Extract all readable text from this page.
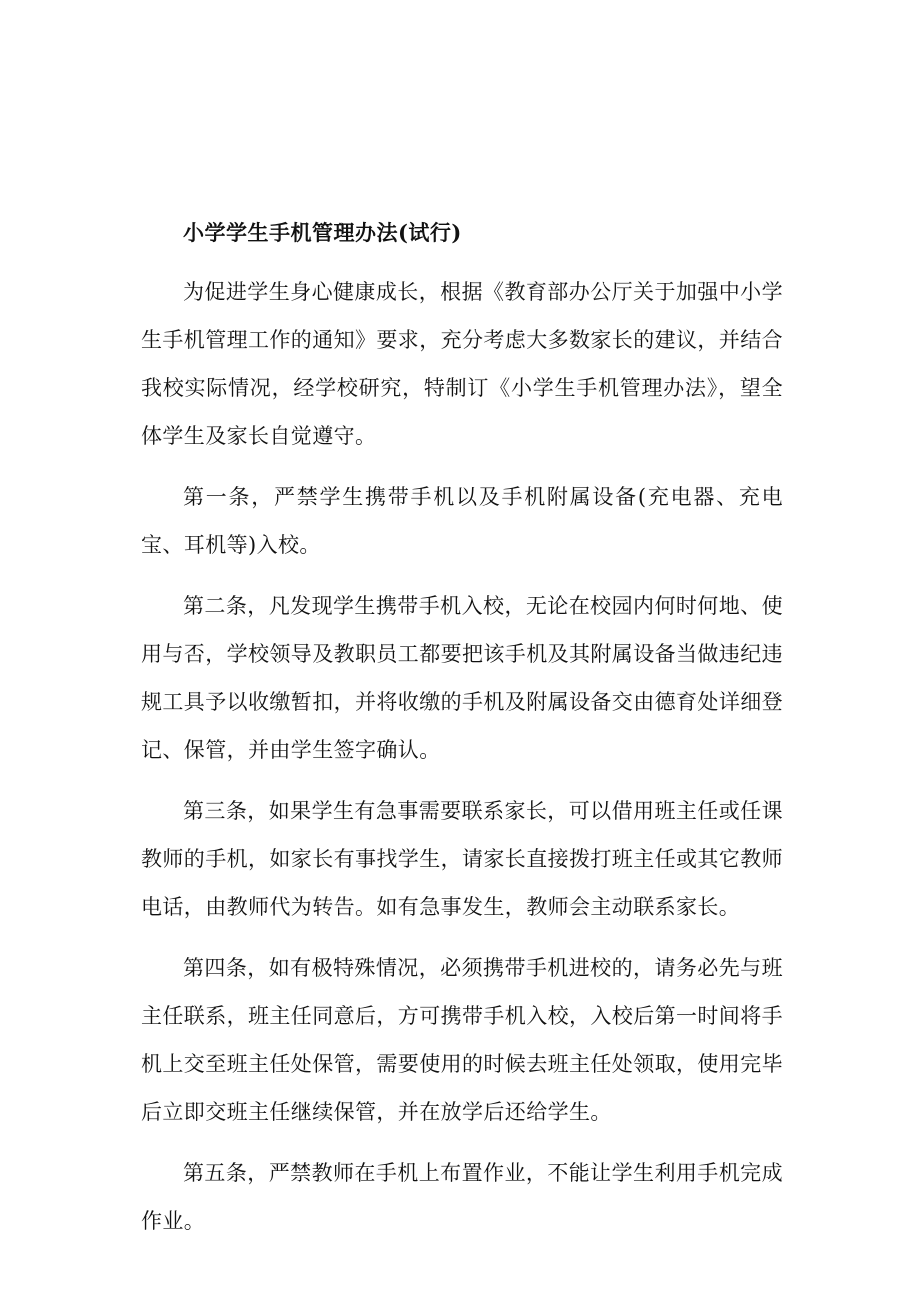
小学学生手机管理办法(试行)

为促进学生身心健康成长，根据《教育部办公厅关于加强中小学生手机管理工作的通知》要求，充分考虑大多数家长的建议，并结合我校实际情况，经学校研究，特制订《小学生手机管理办法》，望全体学生及家长自觉遵守。

第一条，严禁学生携带手机以及手机附属设备(充电器、充电宝、耳机等)入校。

第二条，凡发现学生携带手机入校，无论在校园内何时何地、使用与否，学校领导及教职员工都要把该手机及其附属设备当做违纪违规工具予以收缴暂扣，并将收缴的手机及附属设备交由德育处详细登记、保管，并由学生签字确认。

第三条，如果学生有急事需要联系家长，可以借用班主任或任课教师的手机，如家长有事找学生，请家长直接拨打班主任或其它教师电话，由教师代为转告。如有急事发生，教师会主动联系家长。

第四条，如有极特殊情况，必须携带手机进校的，请务必先与班主任联系，班主任同意后，方可携带手机入校，入校后第一时间将手机上交至班主任处保管，需要使用的时候去班主任处领取，使用完毕后立即交班主任继续保管，并在放学后还给学生。

第五条，严禁教师在手机上布置作业，不能让学生利用手机完成作业。
